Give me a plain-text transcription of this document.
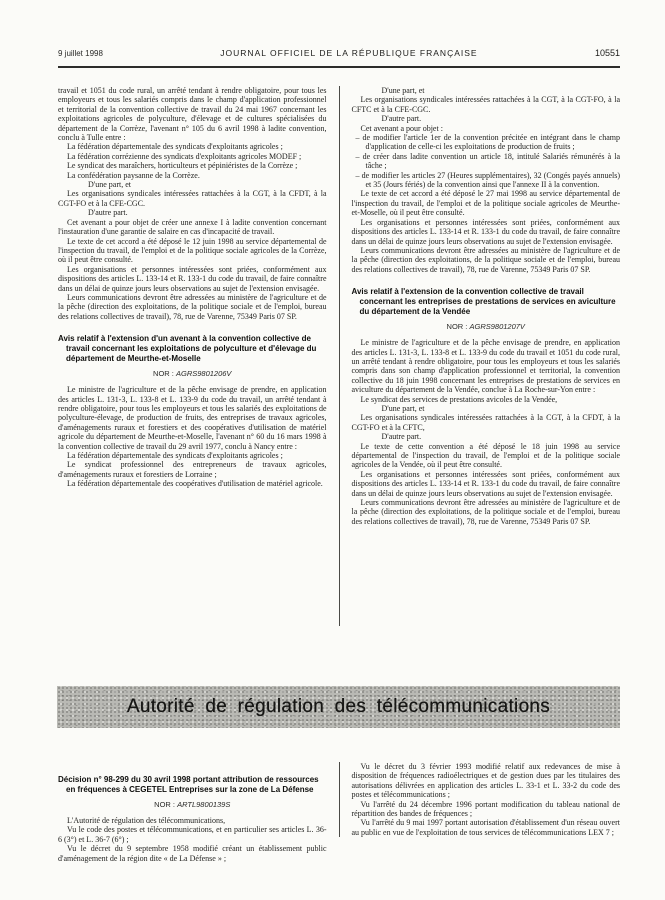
9 juillet 1998	JOURNAL OFFICIEL DE LA RÉPUBLIQUE FRANÇAISE	10551

travail et 1051 du code rural, un arrêté tendant à rendre obligatoire, pour tous les employeurs et tous les salariés compris dans le champ d'application professionnel et territorial de la convention collective de travail du 24 mai 1967 concernant les exploitations agricoles de polyculture, d'élevage et de cultures spécialisées du département de la Corrèze, l'avenant n° 105 du 6 avril 1998 à ladite convention, conclu à Tulle entre :

La fédération départementale des syndicats d'exploitants agricoles ;

La fédération corrézienne des syndicats d'exploitants agricoles MODEF ;

Le syndicat des maraîchers, horticulteurs et pépiniéristes de la Corrèze ;

La confédération paysanne de la Corrèze.

D'une part, et

Les organisations syndicales intéressées rattachées à la CGT, à la CFDT, à la CGT-FO et à la CFE-CGC.

D'autre part.

Cet avenant a pour objet de créer une annexe I à ladite convention concernant l'instauration d'une garantie de salaire en cas d'incapacité de travail.

Le texte de cet accord a été déposé le 12 juin 1998 au service départemental de l'inspection du travail, de l'emploi et de la politique sociale agricoles de la Corrèze, où il peut être consulté.

Les organisations et personnes intéressées sont priées, conformément aux dispositions des articles L. 133-14 et R. 133-1 du code du travail, de faire connaître dans un délai de quinze jours leurs observations au sujet de l'extension envisagée.

Leurs communications devront être adressées au ministère de l'agriculture et de la pêche (direction des exploitations, de la politique sociale et de l'emploi, bureau des relations collectives de travail), 78, rue de Varenne, 75349 Paris 07 SP.

Avis relatif à l'extension d'un avenant à la convention collective de travail concernant les exploitations de polyculture et d'élevage du département de Meurthe-et-Moselle

NOR : AGRS9801206V

Le ministre de l'agriculture et de la pêche envisage de prendre, en application des articles L. 131-3, L. 133-8 et L. 133-9 du code du travail, un arrêté tendant à rendre obligatoire, pour tous les employeurs et tous les salariés des exploitations de polyculture-élevage, de production de fruits, des entreprises de travaux agricoles, d'aménagements ruraux et forestiers et des coopératives d'utilisation de matériel agricole du département de Meurthe-et-Moselle, l'avenant n° 60 du 16 mars 1998 à la convention collective de travail du 29 avril 1977, conclu à Nancy entre :

La fédération départementale des syndicats d'exploitants agricoles ;

Le syndicat professionnel des entrepreneurs de travaux agricoles, d'aménagements ruraux et forestiers de Lorraine ;

La fédération départementale des coopératives d'utilisation de matériel agricole.

D'une part, et

Les organisations syndicales intéressées rattachées à la CGT, à la CGT-FO, à la CFTC et à la CFE-CGC.

D'autre part.

Cet avenant a pour objet :

– de modifier l'article 1er de la convention précitée en intégrant dans le champ d'application de celle-ci les exploitations de production de fruits ;

– de créer dans ladite convention un article 18, intitulé Salariés rémunérés à la tâche ;

– de modifier les articles 27 (Heures supplémentaires), 32 (Congés payés annuels) et 35 (Jours fériés) de la convention ainsi que l'annexe II à la convention.

Le texte de cet accord a été déposé le 27 mai 1998 au service départemental de l'inspection du travail, de l'emploi et de la politique sociale agricoles de Meurthe-et-Moselle, où il peut être consulté.

Les organisations et personnes intéressées sont priées, conformément aux dispositions des articles L. 133-14 et R. 133-1 du code du travail, de faire connaître dans un délai de quinze jours leurs observations au sujet de l'extension envisagée.

Leurs communications devront être adressées au ministère de l'agriculture et de la pêche (direction des exploitations, de la politique sociale et de l'emploi, bureau des relations collectives de travail), 78, rue de Varenne, 75349 Paris 07 SP.

Avis relatif à l'extension de la convention collective de travail concernant les entreprises de prestations de services en aviculture du département de la Vendée

NOR : AGRS9801207V

Le ministre de l'agriculture et de la pêche envisage de prendre, en application des articles L. 131-3, L. 133-8 et L. 133-9 du code du travail et 1051 du code rural, un arrêté tendant à rendre obligatoire, pour tous les employeurs et tous les salariés compris dans son champ d'application professionnel et territorial, la convention collective du 18 juin 1998 concernant les entreprises de prestations de services en aviculture du département de la Vendée, conclue à La Roche-sur-Yon entre :

Le syndicat des services de prestations avicoles de la Vendée,

D'une part, et

Les organisations syndicales intéressées rattachées à la CGT, à la CFDT, à la CGT-FO et à la CFTC,

D'autre part.

Le texte de cette convention a été déposé le 18 juin 1998 au service départemental de l'inspection du travail, de l'emploi et de la politique sociale agricoles de la Vendée, où il peut être consulté.

Les organisations et personnes intéressées sont priées, conformément aux dispositions des articles L. 133-14 et R. 133-1 du code du travail, de faire connaître dans un délai de quinze jours leurs observations au sujet de l'extension envisagée.

Leurs communications devront être adressées au ministère de l'agriculture et de la pêche (direction des exploitations, de la politique sociale et de l'emploi, bureau des relations collectives de travail), 78, rue de Varenne, 75349 Paris 07 SP.

Autorité de régulation des télécommunications

Décision n° 98-299 du 30 avril 1998 portant attribution de ressources en fréquences à CEGETEL Entreprises sur la zone de La Défense

NOR : ARTL9800139S

L'Autorité de régulation des télécommunications,

Vu le code des postes et télécommunications, et en particulier ses articles L. 36-6 (3°) et L. 36-7 (6°) ;

Vu le décret du 9 septembre 1958 modifié créant un établissement public d'aménagement de la région dite « de La Défense » ;

Vu le décret du 3 février 1993 modifié relatif aux redevances de mise à disposition de fréquences radioélectriques et de gestion dues par les titulaires des autorisations délivrées en application des articles L. 33-1 et L. 33-2 du code des postes et télécommunications ;

Vu l'arrêté du 24 décembre 1996 portant modification du tableau national de répartition des bandes de fréquences ;

Vu l'arrêté du 9 mai 1997 portant autorisation d'établissement d'un réseau ouvert au public en vue de l'exploitation de tous services de télécommunications LEX 7 ;
